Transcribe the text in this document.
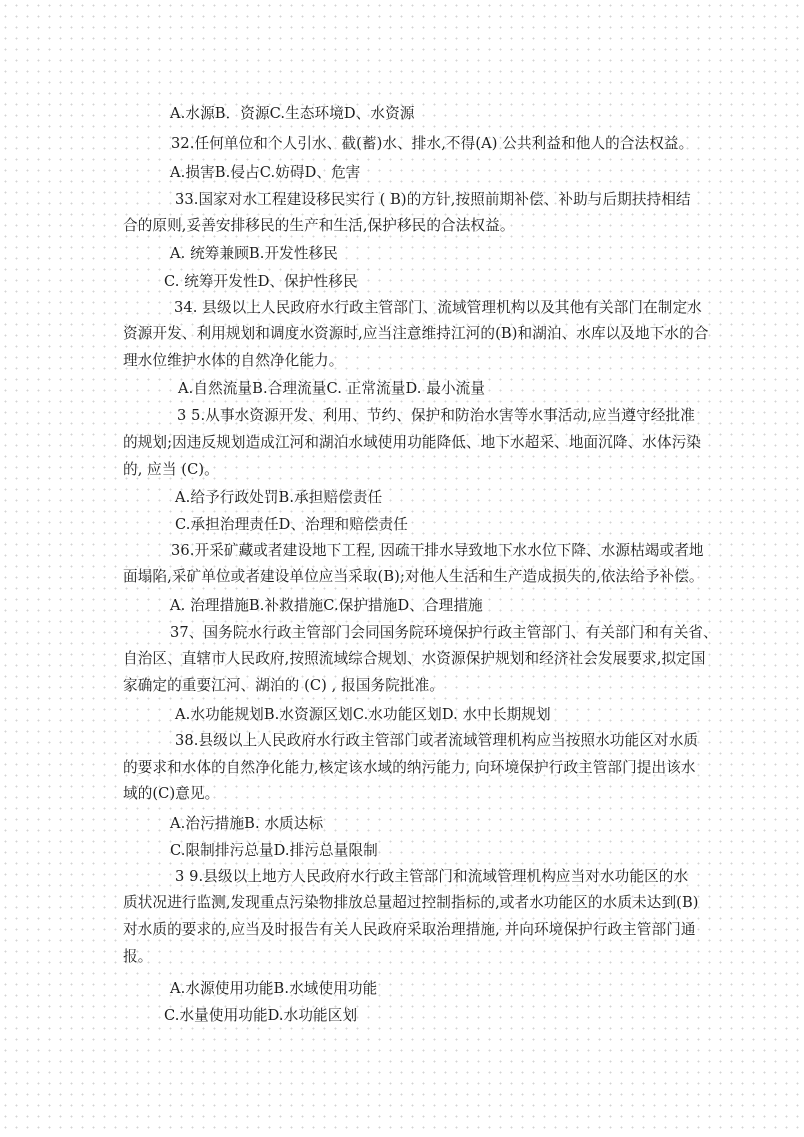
A.水源B．资源C.生态环境D、水资源

32.任何单位和个人引水、截(蓄)水、排水,不得(A) 公共利益和他人的合法权益。

A.损害B.侵占C.妨碍D、危害

33.国家对水工程建设移民实行 ( B)的方针,按照前期补偿、补助与后期扶持相结

合的原则,妥善安排移民的生产和生活,保护移民的合法权益。

A. 统筹兼顾B.开发性移民

C. 统筹开发性D、保护性移民

34. 县级以上人民政府水行政主管部门、流域管理机构以及其他有关部门在制定水

资源开发、利用规划和调度水资源时,应当注意维持江河的(B)和湖泊、水库以及地下水的合

理水位维护水体的自然净化能力。

A.自然流量B.合理流量C. 正常流量D. 最小流量

3 5.从事水资源开发、利用、节约、保护和防治水害等水事活动,应当遵守经批准

的规划;因违反规划造成江河和湖泊水域使用功能降低、地下水超采、地面沉降、水体污染

的, 应当 (C)。

A.给予行政处罚B.承担赔偿责任

C.承担治理责任D、治理和赔偿责任

36.开采矿藏或者建设地下工程, 因疏干排水导致地下水水位下降、水源枯竭或者地

面塌陷,采矿单位或者建设单位应当采取(B);对他人生活和生产造成损失的,依法给予补偿。

A. 治理措施B.补救措施C.保护措施D、合理措施

37、国务院水行政主管部门会同国务院环境保护行政主管部门、有关部门和有关省、

自治区、直辖市人民政府,按照流域综合规划、水资源保护规划和经济社会发展要求,拟定国

家确定的重要江河、湖泊的 (C) , 报国务院批准。

A.水功能规划B.水资源区划C.水功能区划D. 水中长期规划

38.县级以上人民政府水行政主管部门或者流域管理机构应当按照水功能区对水质

的要求和水体的自然净化能力,核定该水域的纳污能力, 向环境保护行政主管部门提出该水

域的(C)意见。

A.治污措施B. 水质达标

C.限制排污总量D.排污总量限制

3 9.县级以上地方人民政府水行政主管部门和流域管理机构应当对水功能区的水

质状况进行监测,发现重点污染物排放总量超过控制指标的,或者水功能区的水质未达到(B)

对水质的要求的,应当及时报告有关人民政府采取治理措施, 并向环境保护行政主管部门通

报。

A.水源使用功能B.水域使用功能

C.水量使用功能D.水功能区划
